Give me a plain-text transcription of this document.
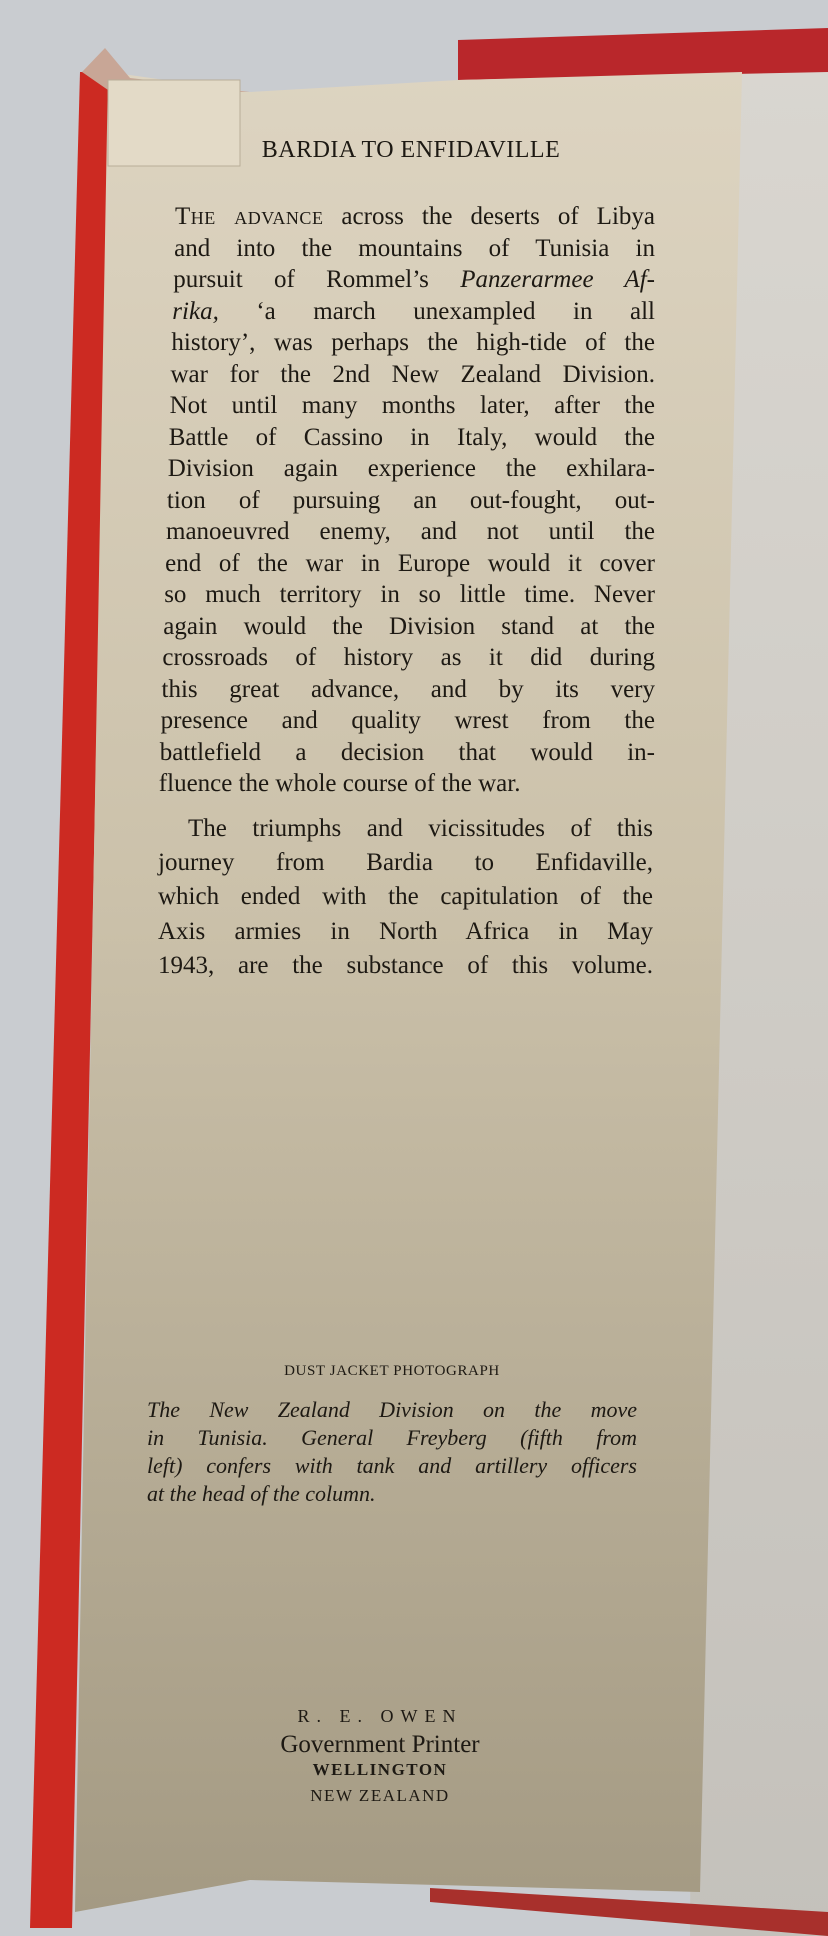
BARDIA TO ENFIDAVILLE
The advance across the deserts of Libya
and into the mountains of Tunisia in
pursuit of Rommel’s Panzerarmee Af-
rika, ‘a march unexampled in all
history’, was perhaps the high-tide of the
war for the 2nd New Zealand Division.
Not until many months later, after the
Battle of Cassino in Italy, would the
Division again experience the exhilara-
tion of pursuing an out-fought, out-
manoeuvred enemy, and not until the
end of the war in Europe would it cover
so much territory in so little time. Never
again would the Division stand at the
crossroads of history as it did during
this great advance, and by its very
presence and quality wrest from the
battlefield a decision that would in-
fluence the whole course of the war.
The triumphs and vicissitudes of this
journey from Bardia to Enfidaville,
which ended with the capitulation of the
Axis armies in North Africa in May
1943, are the substance of this volume.
DUST JACKET PHOTOGRAPH
The New Zealand Division on the move
in Tunisia. General Freyberg (fifth from
left) confers with tank and artillery officers
at the head of the column.
R. E. OWEN
Government Printer
WELLINGTON
NEW ZEALAND
